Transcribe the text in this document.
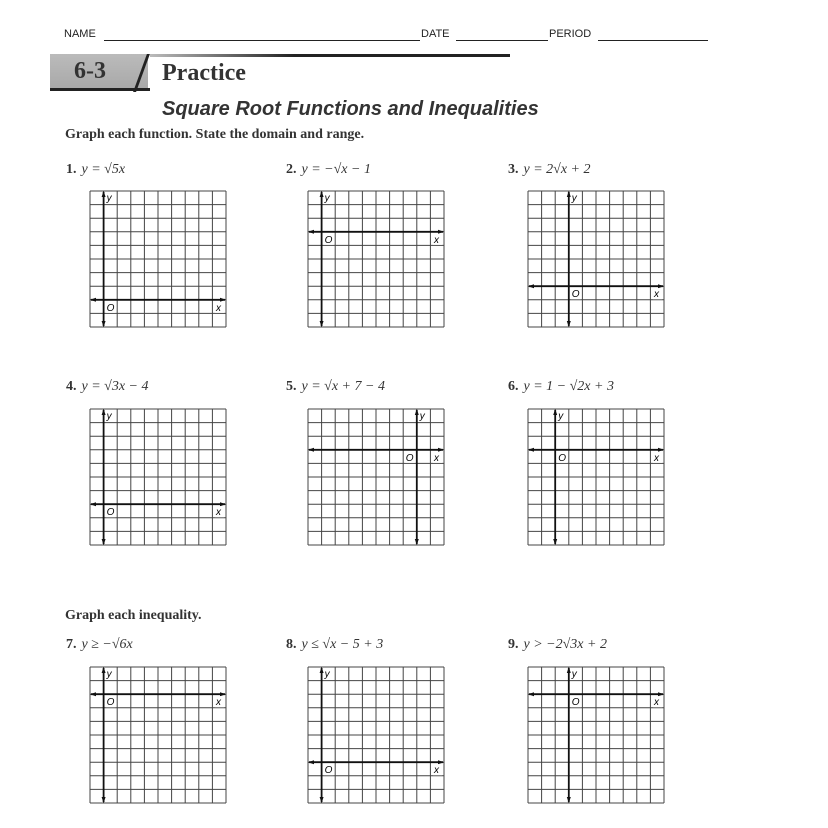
NAME	DATE	PERIOD
6-3 Practice
Square Root Functions and Inequalities
Graph each function. State the domain and range.
Graph each inequality.
1. y = √5x
y
x
O
2. y = −√x − 1
y
x
O
3. y = 2√x + 2
y
x
O
4. y = √3x − 4
y
x
O
5. y = √x + 7 − 4
y
x
O
6. y = 1 − √2x + 3
y
x
O
7. y ≥ −√6x
y
x
O
8. y ≤ √x − 5 + 3
y
x
O
9. y > −2√3x + 2
y
x
O
